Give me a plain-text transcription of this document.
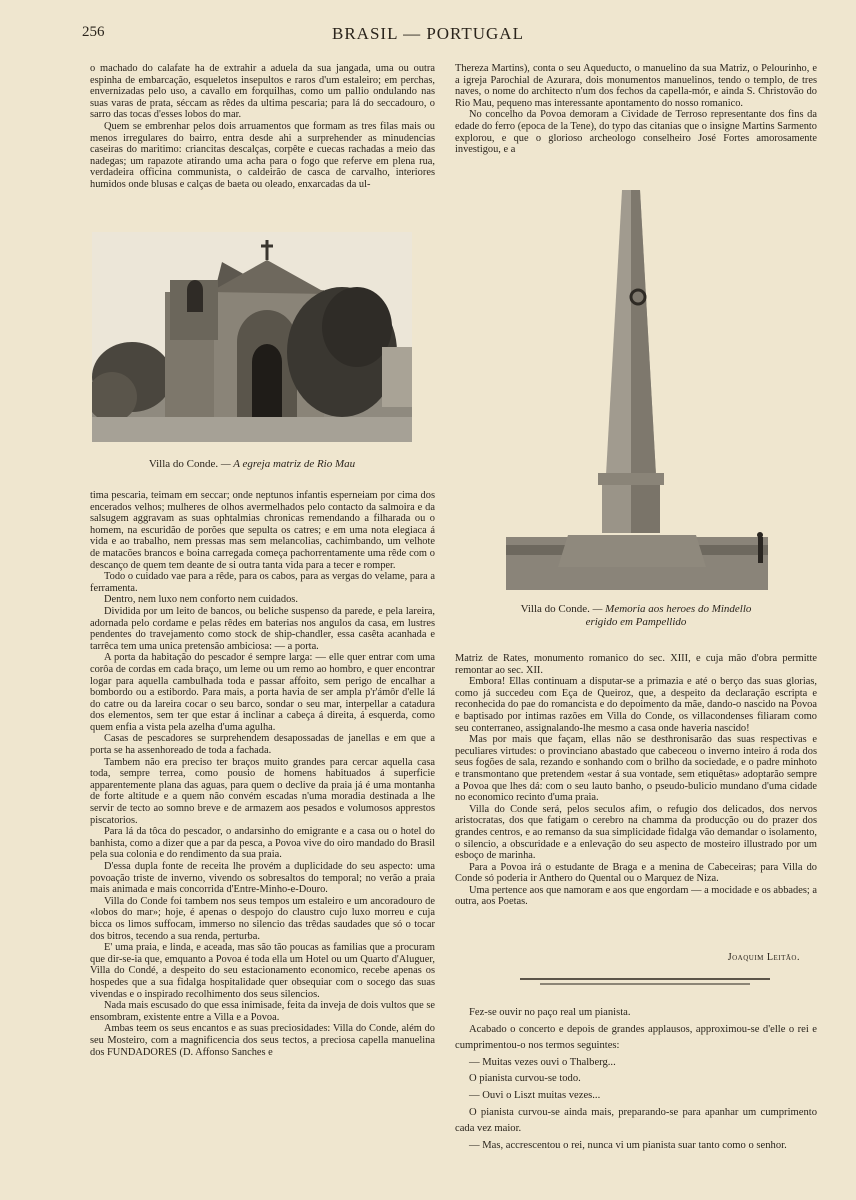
256	BRASIL — PORTUGAL

o machado do calafate ha de extrahir a aduela da sua jangada, uma ou outra espinha de embarcação, esqueletos insepultos e raros d'um estaleiro; em perchas, envernizadas pelo uso, a cavallo em forquilhas, como um pallio ondulando nas suas varas de prata, séccam as rêdes da ultima pescaria; para lá do seccadouro, o sarro das tocas d'esses lobos do mar.

Quem se embrenhar pelos dois arruamentos que formam as tres filas mais ou menos irregulares do bairro, entra desde ahi a surprehender as minudencias caseiras do maritimo: criancitas descalças, corpête e cuecas rachadas a meio das nadegas; um rapazote atirando uma acha para o fogo que referve em plena rua, verdadeira officina communista, o caldeirão de casca de carvalho, interiores humidos onde blusas e calças de baeta ou oleado, enxarcadas da ul-

Villa do Conde. — A egreja matriz de Rio Mau

tima pescaria, teimam em seccar; onde neptunos infantis esperneiam por cima dos encerados velhos; mulheres de olhos avermelhados pelo contacto da salmoira e da salsugem aggravam as suas ophtalmias chronicas remendando a filharada ou o homem, na escuridão de porões que sepulta os catres; e em uma nota elegiaca á vida e ao trabalho, nem pressas mas sem melancolias, cachimbando, um velhote de matacões brancos e boina carregada começa pachorrentamente uma rêde com o descanço de quem tem deante de si outra tanta vida para a tecer e romper.

Todo o cuidado vae para a rêde, para os cabos, para as vergas do velame, para a ferramenta.

Dentro, nem luxo nem conforto nem cuidados.

Dividida por um leito de bancos, ou beliche suspenso da parede, e pela lareira, adornada pelo cordame e pelas rêdes em baterias nos angulos da casa, em lustres pendentes do travejamento como stock de ship-chandler, essa casêta acanhada e tarrêca tem uma unica pretensão ambiciosa: — a porta.

A porta da habitação do pescador é sempre larga: — elle quer entrar com uma corôa de cordas em cada braço, um leme ou um remo ao hombro, e quer encontrar logar para aquella cambulhada toda e passar affoito, sem perigo de encalhar a bombordo ou a estibordo. Para mais, a porta havia de ser ampla p'r'ámôr d'elle lá do catre ou da lareira cocar o seu barco, sondar o seu mar, interpellar a catadura dos elementos, sem ter que estar á inclinar a cabeça á direita, á esquerda, como quem enfia a vista pela azelha d'uma agulha.

Casas de pescadores se surprehendem desapossadas de janellas e em que a porta se ha assenhoreado de toda a fachada.

Tambem não era preciso ter braços muito grandes para cercar aquella casa toda, sempre terrea, como pousio de homens habituados á superficie apparentemente plana das aguas, para quem o declive da praia já é uma montanha de forte altitude e a quem não convém escadas n'uma moradia destinada a lhe servir de tecto ao somno breve e de armazem aos pesados e volumosos apprestos piscatorios.

Para lá da tôca do pescador, o andarsinho do emigrante e a casa ou o hotel do banhista, como a dizer que a par da pesca, a Povoa vive do oiro mandado do Brasil pela sua colonia e do rendimento da sua praia.

D'essa dupla fonte de receita lhe provém a duplicidade do seu aspecto: uma povoação triste de inverno, vivendo os sobresaltos do temporal; no verão a praia mais animada e mais concorrida d'Entre-Minho-e-Douro.

Villa do Conde foi tambem nos seus tempos um estaleiro e um ancoradouro de «lobos do mar»; hoje, é apenas o despojo do claustro cujo luxo morreu e cuja bicca os limos suffocam, immerso no silencio das trêdas saudades que só o tocar dos bitros, tecendo a sua renda, perturba.

E' uma praia, e linda, e aceada, mas são tão poucas as familias que a procuram que dir-se-ia que, emquanto a Povoa é toda ella um Hotel ou um Quarto d'Aluguer, Villa do Condé, a despeito do seu estacionamento economico, recebe apenas os hospedes que a sua fidalga hospitalidade quer obsequiar com o socego das suas vivendas e o inspirado recolhimento dos seus silencios.

Nada mais escusado do que essa inimisade, feita da inveja de dois vultos que se ensombram, existente entre a Villa e a Povoa.

Ambas teem os seus encantos e as suas preciosidades: Villa do Conde, além do seu Mosteiro, com a magnificencia dos seus tectos, a preciosa capella manuelina dos FUNDADORES (D. Affonso Sanches e

Thereza Martins), conta o seu Aqueducto, o manuelino da sua Matriz, o Pelourinho, e a igreja Parochial de Azurara, dois monumentos manuelinos, tendo o templo, de tres naves, o nome do architecto n'um dos fechos da capella-mór, e ainda S. Christovão do Rio Mau, pequeno mas interessante apontamento do nosso romanico.

No concelho da Povoa demoram a Cividade de Terroso representante dos fins da edade do ferro (epoca de la Tene), do typo das citanias que o insigne Martins Sarmento explorou, e que o glorioso archeologo conselheiro José Fortes amorosamente investigou, e a

Villa do Conde. — Memoria aos heroes do Mindello
erigido em Pampellido

Matriz de Rates, monumento romanico do sec. XIII, e cuja mão d'obra permitte remontar ao sec. XII.

Embora! Ellas continuam a disputar-se a primazia e até o berço das suas glorias, como já succedeu com Eça de Queiroz, que, a despeito da declaração escripta e reconhecida do pae do romancista e do depoimento da mãe, dando-o nascido na Povoa e baptisado por intimas razões em Villa do Conde, os villacondenses filiaram como seu conterraneo, assignalando-lhe mesmo a casa onde haveria nascido!

Mas por mais que façam, ellas não se desthronisarão das suas respectivas e peculiares virtudes: o provinciano abastado que cabeceou o inverno inteiro á roda dos seus fogões de sala, rezando e sonhando com o brilho da sociedade, e o padre minhoto e transmontano que pretendem «estar á sua vontade, sem etiquêtas» adoptarão sempre a Povoa que lhes dá: com o seu lauto banho, o pseudo-bulicio mundano d'uma cidade no economico recinto d'uma praia.

Villa do Conde será, pelos seculos afim, o refugio dos delicados, dos nervos aristocratas, dos que fatigam o cerebro na chamma da producção ou do prazer dos grandes centros, e ao remanso da sua simplicidade fidalga vão demandar o isolamento, o silencio, a obscuridade e a enlevação do seu aspecto de mosteiro illustrado por um esboço de marinha.

Para a Povoa irá o estudante de Braga e a menina de Cabeceiras; para Villa do Conde só poderia ir Anthero do Quental ou o Marquez de Niza.

Uma pertence aos que namoram e aos que engordam — a mocidade e os abbades; a outra, aos Poetas.

Joaquim Leitão.

Fez-se ouvir no paço real um pianista.

Acabado o concerto e depois de grandes applausos, approximou-se d'elle o rei e cumprimentou-o nos termos seguintes:

— Muitas vezes ouvi o Thalberg...

O pianista curvou-se todo.

— Ouvi o Liszt muitas vezes...

O pianista curvou-se ainda mais, preparando-se para apanhar um cumprimento cada vez maior.

— Mas, accrescentou o rei, nunca vi um pianista suar tanto como o senhor.
